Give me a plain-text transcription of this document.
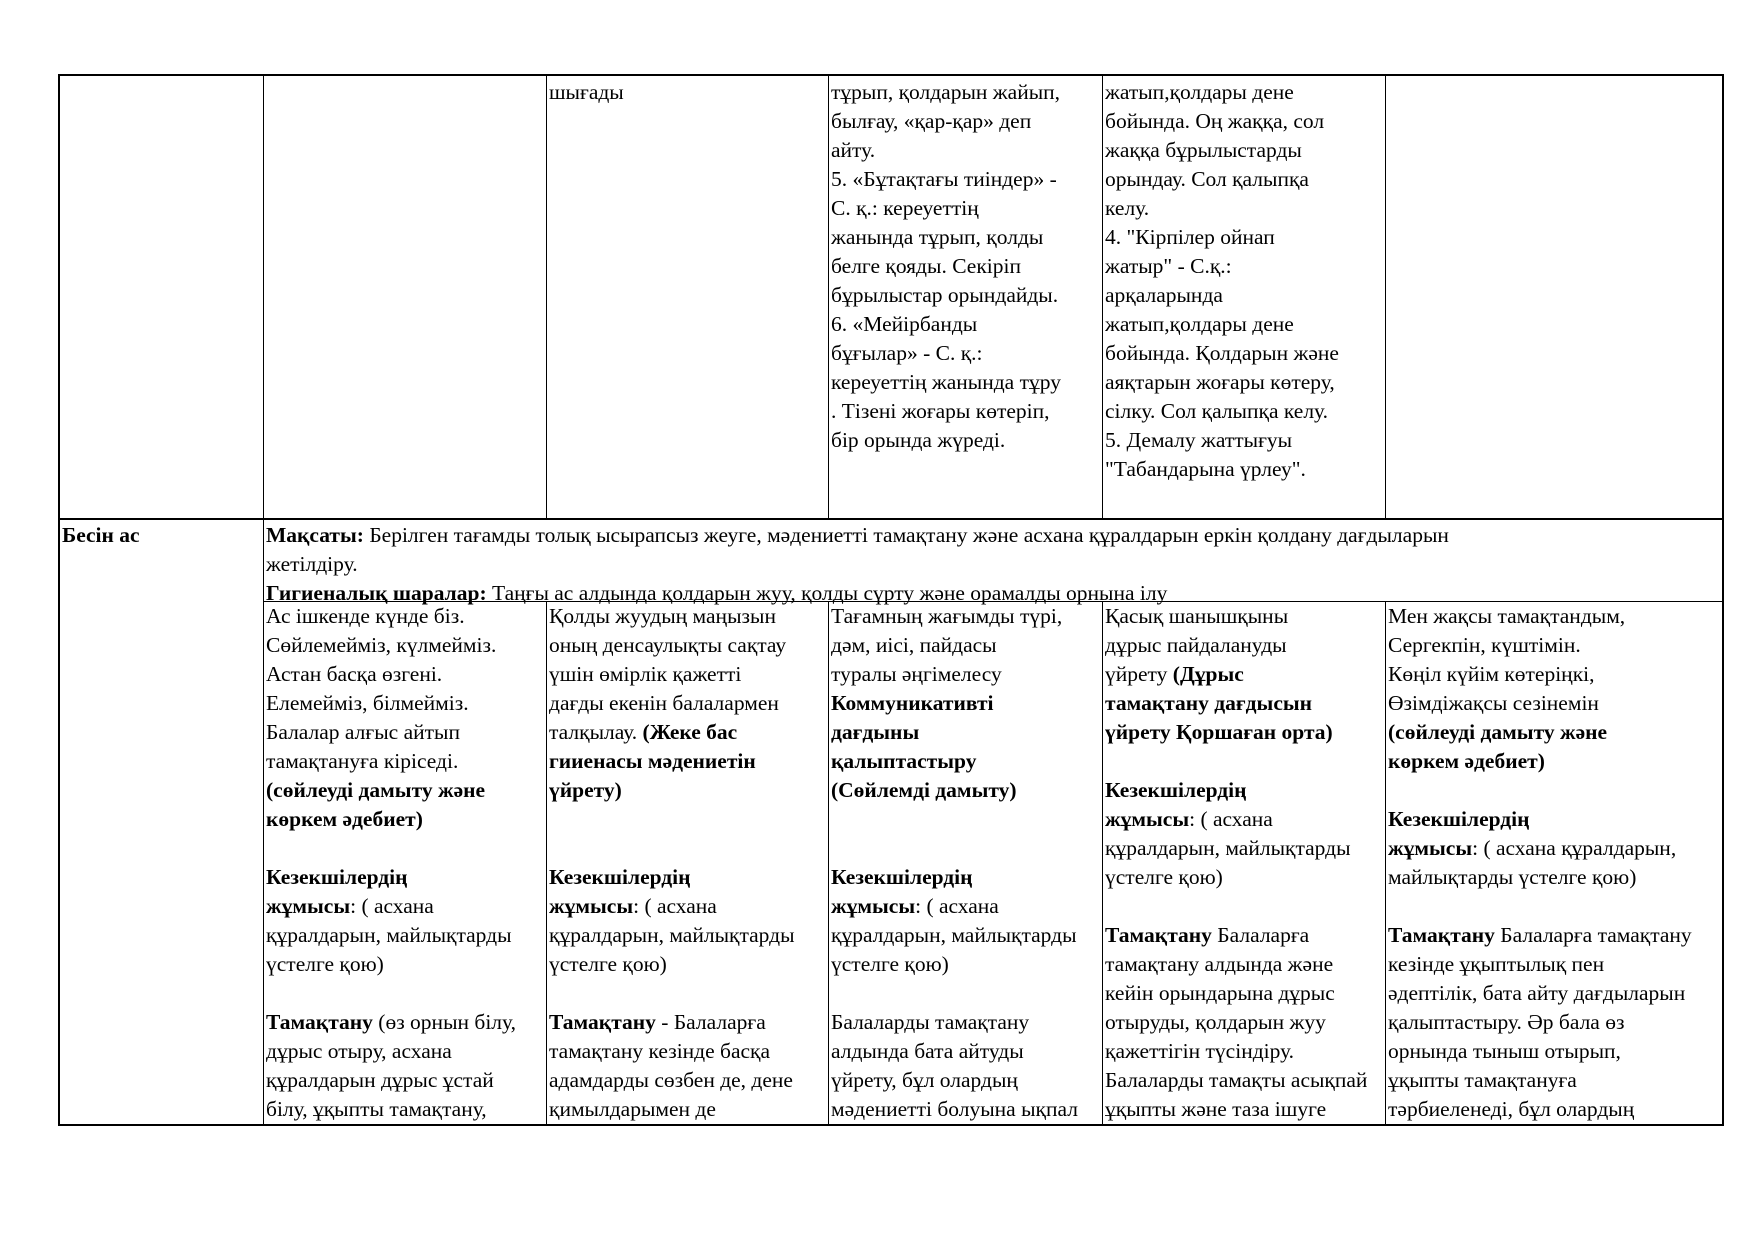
шығады	тұрып, қолдарын жайып,
былғау, «қар-қар» деп
айту.
5. «Бұтақтағы тиіндер» -
С. қ.: кереуеттің
жанында тұрып, қолды
белге қояды. Секіріп
бұрылыстар орындайды.
6. «Мейірбанды
бұғылар» - С. қ.:
кереуеттің жанында тұру
. Тізені жоғары көтеріп,
бір орында жүреді.
жатып,қолдары дене
бойында. Оң жаққа, сол
жаққа бұрылыстарды
орындау. Сол қалыпқа
келу.
4. "Кірпілер ойнап
жатыр" - С.қ.:
арқаларында
жатып,қолдары дене
бойында. Қолдарын және
аяқтарын жоғары көтеру,
сілку. Сол қалыпқа келу.
5. Демалу жаттығуы
"Табандарына үрлеу".
Бесін ас	Мақсаты: Берілген тағамды толық ысырапсыз жеуге, мәдениетті тамақтану және асхана құралдарын еркін қолдану дағдыларын
жетілдіру.
Гигиеналық шаралар: Таңғы ас алдында қолдарын жуу, қолды сүрту және орамалды орнына ілу
Ас ішкенде күнде біз.
Сөйлемейміз, күлмейміз.
Астан басқа өзгені.
Елемейміз, білмейміз.
Балалар алғыс айтып
тамақтануға кіріседі.
(сөйлеуді дамыту және
көркем әдебиет)
Кезекшілердің
жұмысы: ( асхана
құралдарын, майлықтарды
үстелге қою)
Тамақтану (өз орнын білу,
дұрыс отыру, асхана
құралдарын дұрыс ұстай
білу, ұқыпты тамақтану,
Қолды жуудың маңызын
оның денсаулықты сақтау
үшін өмірлік қажетті
дағды екенін балалармен
талқылау. (Жеке бас
гииенасы мәдениетін
үйрету)
Кезекшілердің
жұмысы: ( асхана
құралдарын, майлықтарды
үстелге қою)
Тамақтану - Балаларға
тамақтану кезінде басқа
адамдарды сөзбен де, дене
қимылдарымен де
Тағамның жағымды түрі,
дәм, иісі, пайдасы
туралы әңгімелесу
Коммуникативті
дағдыны
қалыптастыру
(Сөйлемді дамыту)
Кезекшілердің
жұмысы: ( асхана
құралдарын, майлықтарды
үстелге қою)
Балаларды тамақтану
алдында бата айтуды
үйрету, бұл олардың
мәдениетті болуына ықпал
Қасық шанышқыны
дұрыс пайдалануды
үйрету (Дұрыс
тамақтану дағдысын
үйрету Қоршаған орта)
Кезекшілердің
жұмысы: ( асхана
құралдарын, майлықтарды
үстелге қою)
Тамақтану Балаларға
тамақтану алдында және
кейін орындарына дұрыс
отыруды, қолдарын жуу
қажеттігін түсіндіру.
Балаларды тамақты асықпай
ұқыпты және таза ішуге
Мен жақсы тамақтандым,
Сергекпін, күштімін.
Көңіл күйім көтеріңкі,
Өзімдіжақсы сезінемін
(сөйлеуді дамыту және
көркем әдебиет)
Кезекшілердің
жұмысы: ( асхана құралдарын,
майлықтарды үстелге қою)
Тамақтану Балаларға тамақтану
кезінде ұқыптылық пен
әдептілік, бата айту дағдыларын
қалыптастыру. Әр бала өз
орнында тыныш отырып,
ұқыпты тамақтануға
тәрбиеленеді, бұл олардың
